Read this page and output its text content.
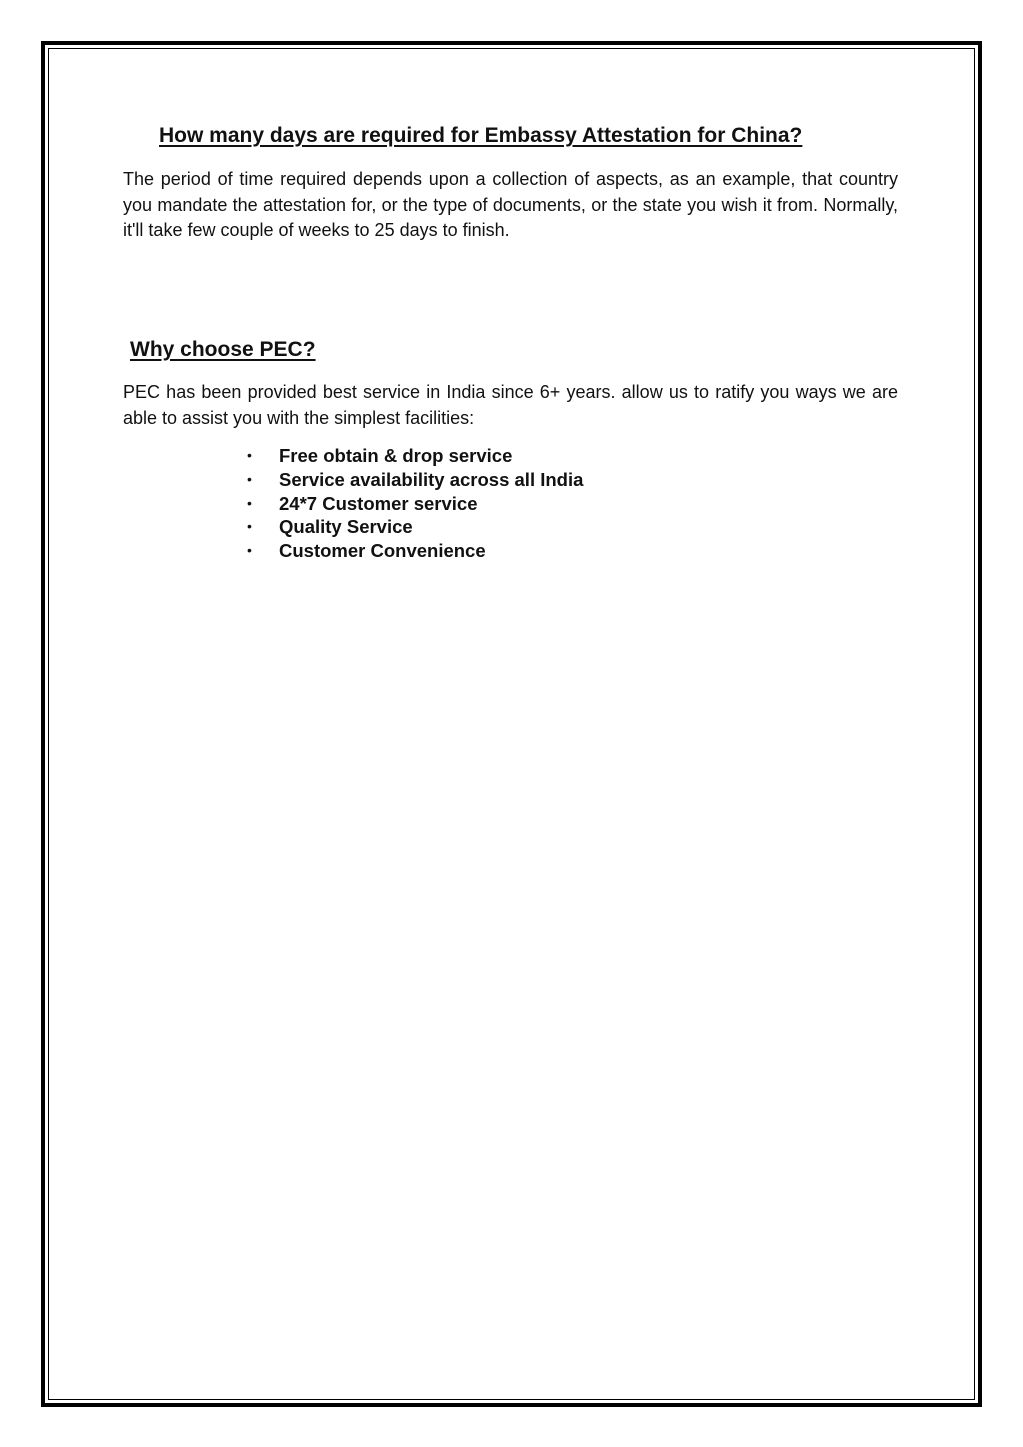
How many days are required for Embassy Attestation for China?

The period of time required depends upon a collection of aspects, as an example, that country you mandate the attestation for, or the type of documents, or the state you wish it from. Normally, it'll take few couple of weeks to 25 days to finish.

Why choose PEC?

PEC has been provided best service in India since 6+ years. allow us to ratify you ways we are able to assist you with the simplest facilities:

• Free obtain & drop service
• Service availability across all India
• 24*7 Customer service
• Quality Service
• Customer Convenience
